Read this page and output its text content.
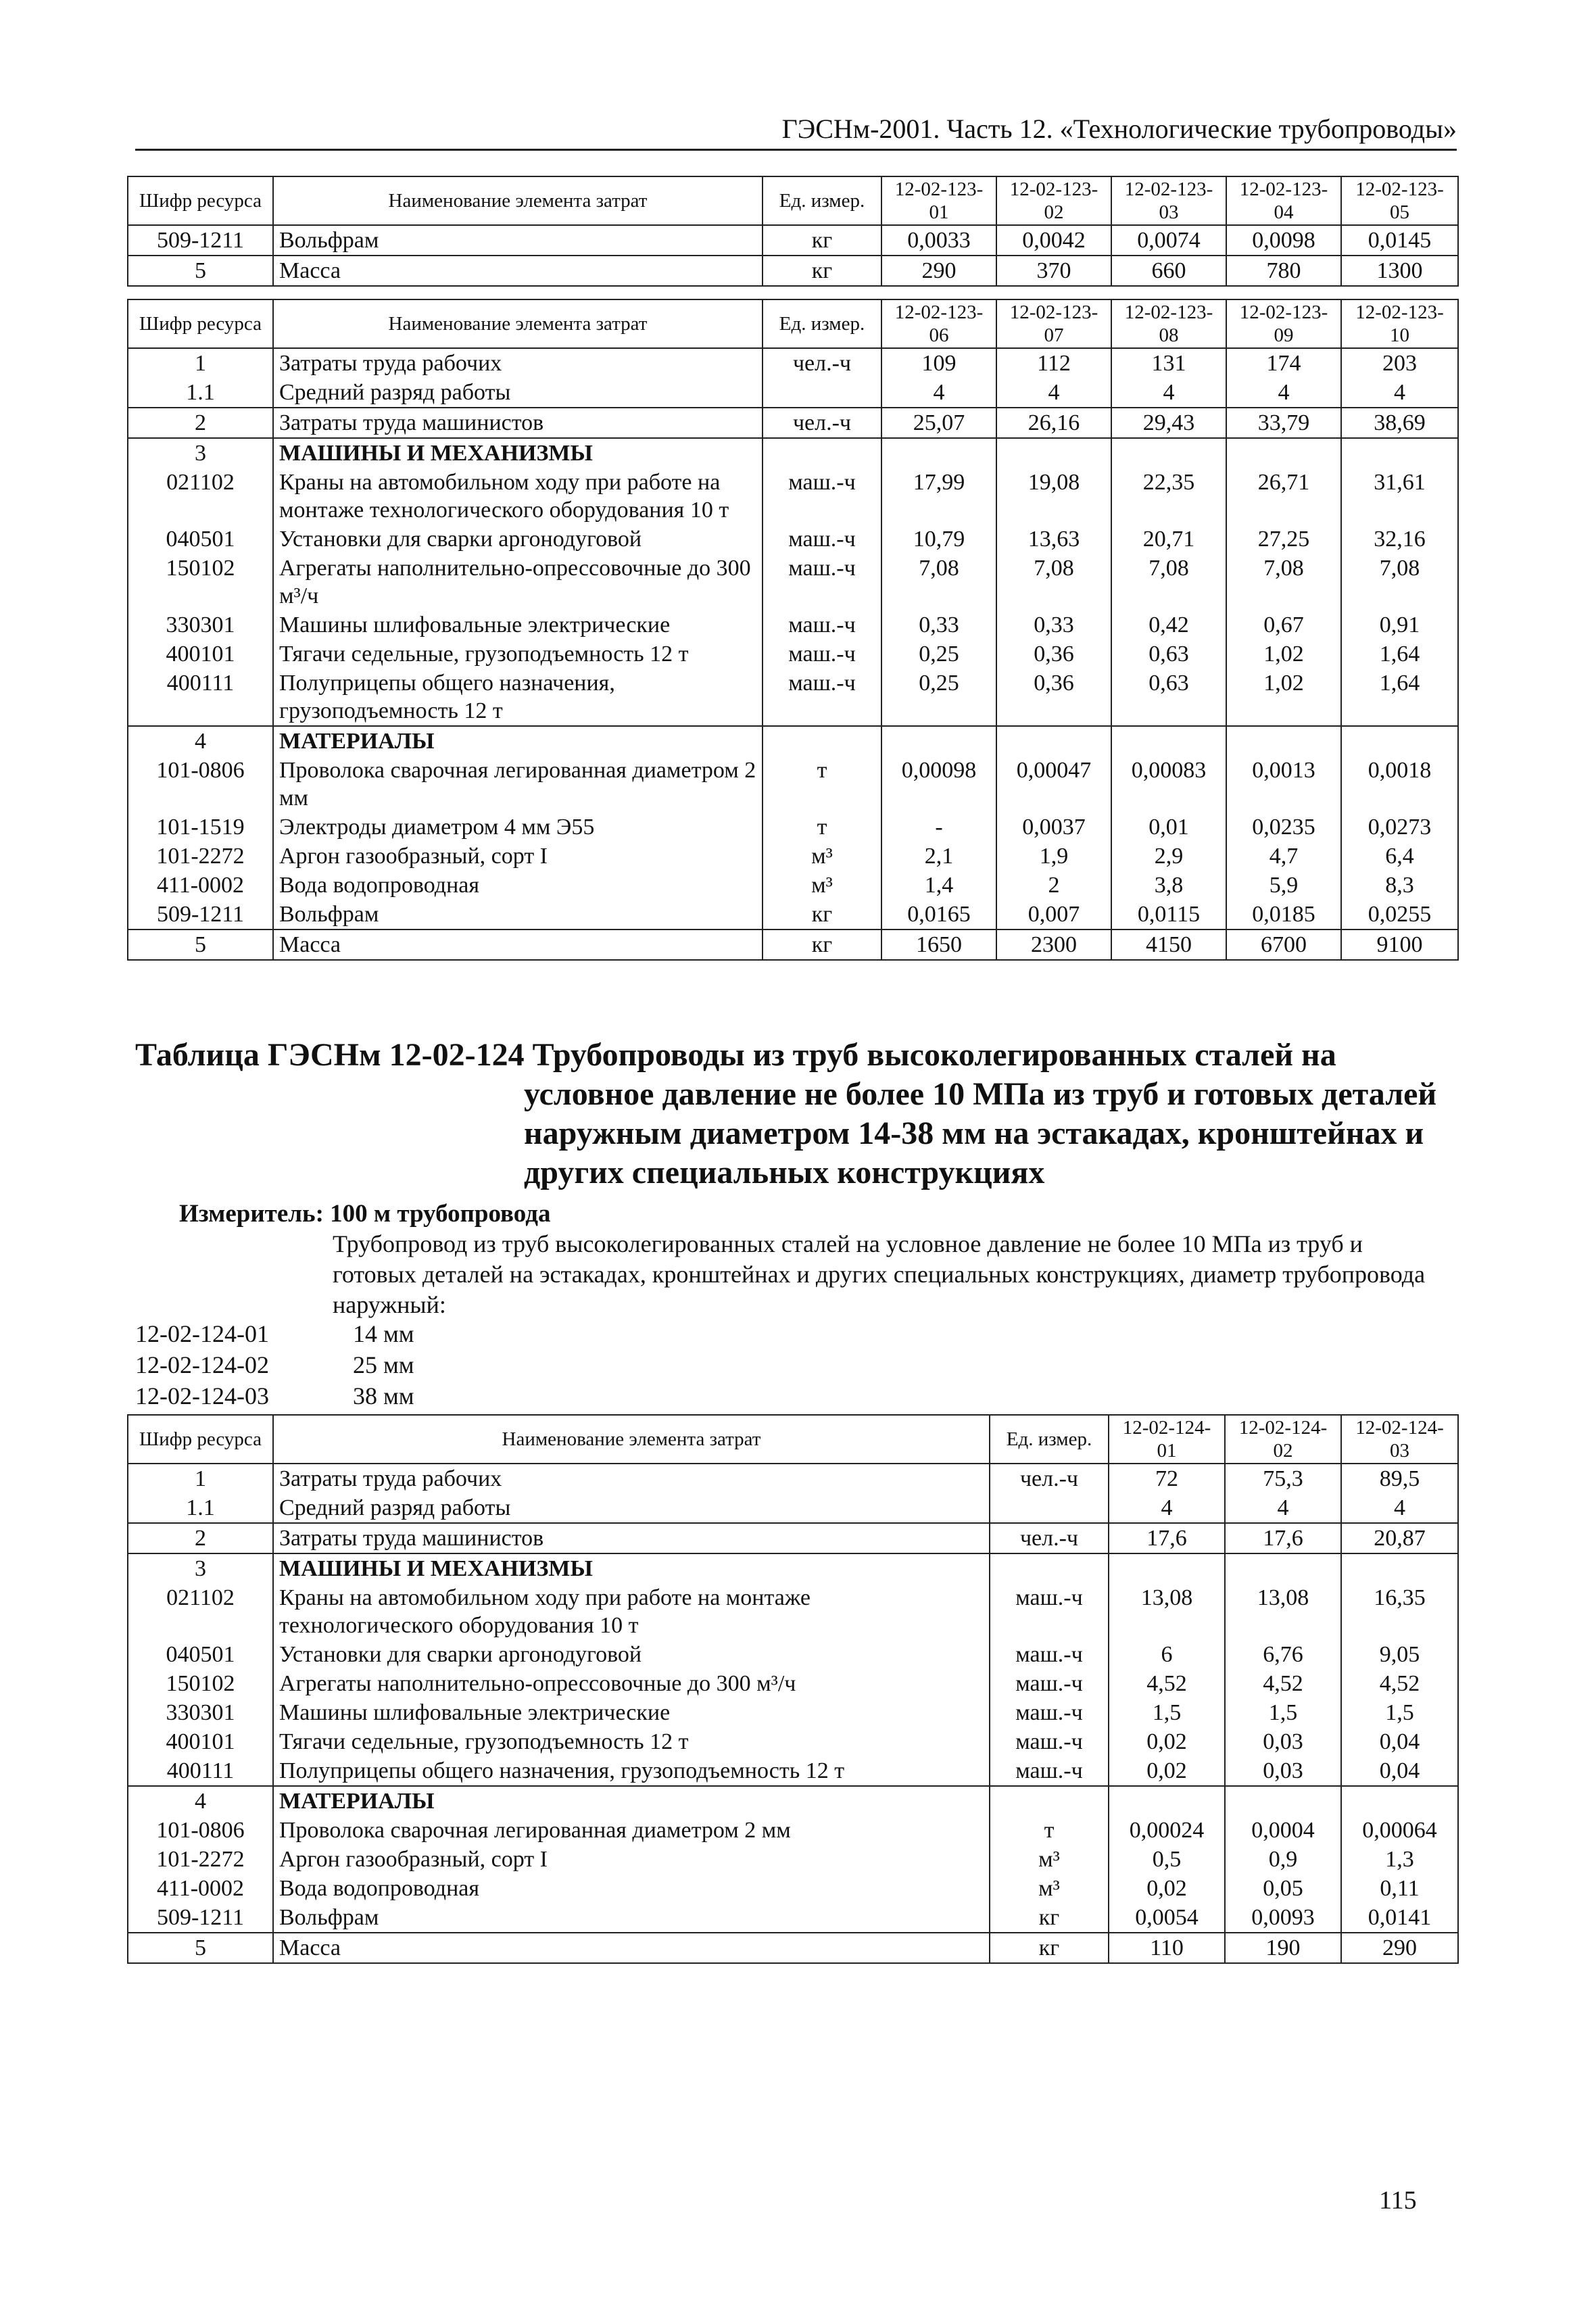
ГЭСНм-2001. Часть 12. «Технологические трубопроводы»
Шифр ресурса	Наименование элемента затрат	Ед. измер.	12-02-123-01	12-02-123-02	12-02-123-03	12-02-123-04	12-02-123-05
509-1211	Вольфрам	кг	0,0033	0,0042	0,0074	0,0098	0,0145
5	Масса	кг	290	370	660	780	1300
Шифр ресурса	Наименование элемента затрат	Ед. измер.	12-02-123-06	12-02-123-07	12-02-123-08	12-02-123-09	12-02-123-10
1	Затраты труда рабочих	чел.-ч	109	112	131	174	203
1.1	Средний разряд работы		4	4	4	4	4
2	Затраты труда машинистов	чел.-ч	25,07	26,16	29,43	33,79	38,69
3	МАШИНЫ И МЕХАНИЗМЫ						
021102	Краны на автомобильном ходу при работе на монтаже технологического оборудования 10 т	маш.-ч	17,99	19,08	22,35	26,71	31,61
040501	Установки для сварки аргонодуговой	маш.-ч	10,79	13,63	20,71	27,25	32,16
150102	Агрегаты наполнительно-опрессовочные до 300 м³/ч	маш.-ч	7,08	7,08	7,08	7,08	7,08
330301	Машины шлифовальные электрические	маш.-ч	0,33	0,33	0,42	0,67	0,91
400101	Тягачи седельные, грузоподъемность 12 т	маш.-ч	0,25	0,36	0,63	1,02	1,64
400111	Полуприцепы общего назначения, грузоподъемность 12 т	маш.-ч	0,25	0,36	0,63	1,02	1,64
4	МАТЕРИАЛЫ						
101-0806	Проволока сварочная легированная диаметром 2 мм	т	0,00098	0,00047	0,00083	0,0013	0,0018
101-1519	Электроды диаметром 4 мм Э55	т	-	0,0037	0,01	0,0235	0,0273
101-2272	Аргон газообразный, сорт I	м³	2,1	1,9	2,9	4,7	6,4
411-0002	Вода водопроводная	м³	1,4	2	3,8	5,9	8,3
509-1211	Вольфрам	кг	0,0165	0,007	0,0115	0,0185	0,0255
5	Масса	кг	1650	2300	4150	6700	9100
Таблица ГЭСНм 12-02-124 Трубопроводы из труб высоколегированных сталей на
условное давление не более 10 МПа из труб и готовых деталей наружным диаметром 14-38 мм на эстакадах, кронштейнах и других специальных конструкциях
Измеритель: 100 м трубопровода
Трубопровод из труб высоколегированных сталей на условное давление не более 10 МПа из труб и готовых деталей на эстакадах, кронштейнах и других специальных конструкциях, диаметр трубопровода наружный:
12-02-124-01	14 мм
12-02-124-02	25 мм
12-02-124-03	38 мм
Шифр ресурса	Наименование элемента затрат	Ед. измер.	12-02-124-01	12-02-124-02	12-02-124-03
1	Затраты труда рабочих	чел.-ч	72	75,3	89,5
1.1	Средний разряд работы		4	4	4
2	Затраты труда машинистов	чел.-ч	17,6	17,6	20,87
3	МАШИНЫ И МЕХАНИЗМЫ				
021102	Краны на автомобильном ходу при работе на монтаже технологического оборудования 10 т	маш.-ч	13,08	13,08	16,35
040501	Установки для сварки аргонодуговой	маш.-ч	6	6,76	9,05
150102	Агрегаты наполнительно-опрессовочные до 300 м³/ч	маш.-ч	4,52	4,52	4,52
330301	Машины шлифовальные электрические	маш.-ч	1,5	1,5	1,5
400101	Тягачи седельные, грузоподъемность 12 т	маш.-ч	0,02	0,03	0,04
400111	Полуприцепы общего назначения, грузоподъемность 12 т	маш.-ч	0,02	0,03	0,04
4	МАТЕРИАЛЫ				
101-0806	Проволока сварочная легированная диаметром 2 мм	т	0,00024	0,0004	0,00064
101-2272	Аргон газообразный, сорт I	м³	0,5	0,9	1,3
411-0002	Вода водопроводная	м³	0,02	0,05	0,11
509-1211	Вольфрам	кг	0,0054	0,0093	0,0141
5	Масса	кг	110	190	290
115
